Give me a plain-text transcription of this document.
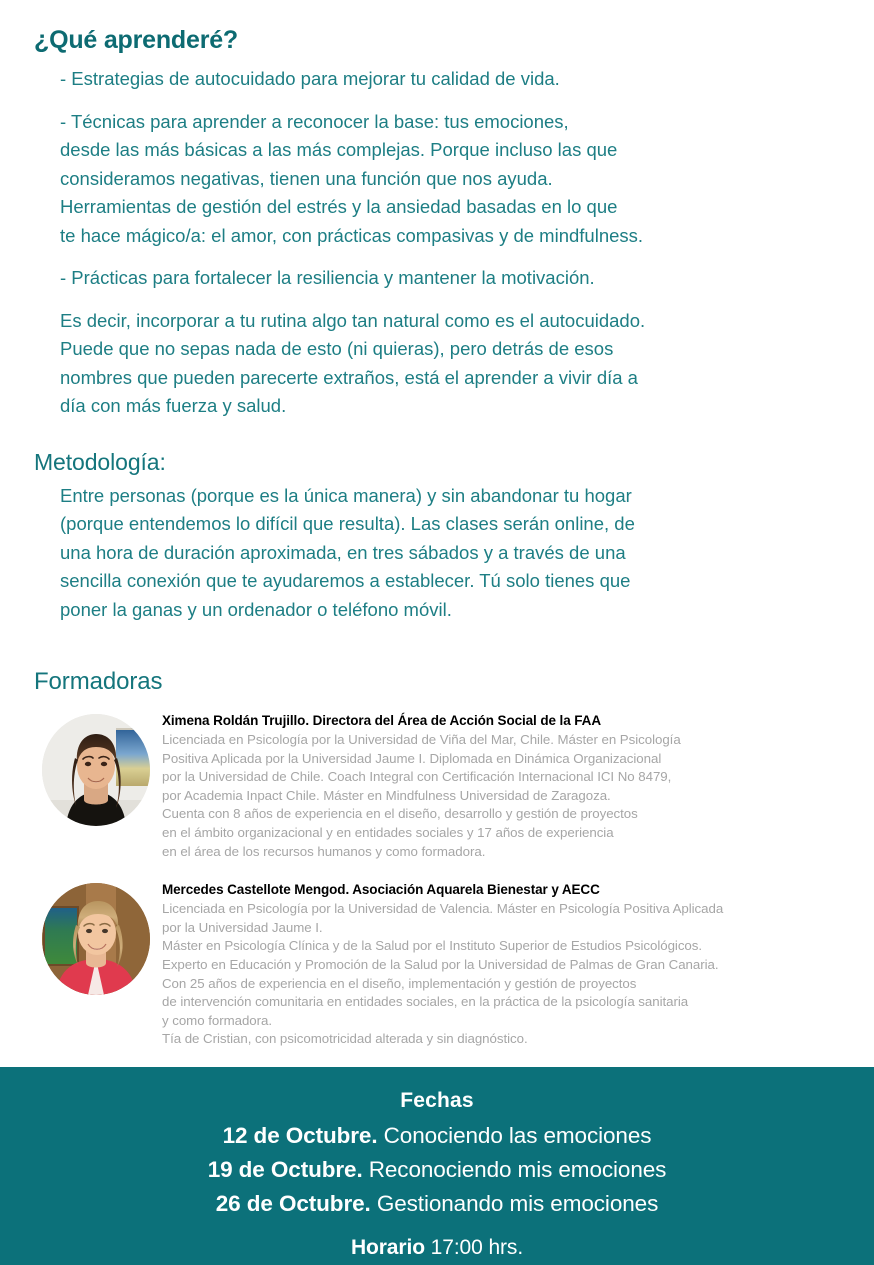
¿Qué aprenderé?

- Estrategias de autocuidado para mejorar tu calidad de vida.

- Técnicas para aprender a reconocer la base: tus emociones,
desde las más básicas a las más complejas. Porque incluso las que
consideramos negativas, tienen una función que nos ayuda.
Herramientas de gestión del estrés y la ansiedad basadas en lo que
te hace mágico/a: el amor, con prácticas compasivas y de mindfulness.

- Prácticas para fortalecer la resiliencia y mantener la motivación.

Es decir, incorporar a tu rutina algo tan natural como es el autocuidado.
Puede que no sepas nada de esto (ni quieras), pero detrás de esos
nombres que pueden parecerte extraños, está el aprender a vivir día a
día con más fuerza y salud.

Metodología:

Entre personas (porque es la única manera) y sin abandonar tu hogar
(porque entendemos lo difícil que resulta). Las clases serán online, de
una hora de duración aproximada, en tres sábados y a través de una
sencilla conexión que te ayudaremos a establecer. Tú solo tienes que
poner la ganas y un ordenador o teléfono móvil.

Formadoras

Ximena Roldán Trujillo. Directora del Área de Acción Social de la FAA

Licenciada en Psicología por la Universidad de Viña del Mar, Chile. Máster en Psicología
Positiva Aplicada por la Universidad Jaume I. Diplomada en Dinámica Organizacional
por la Universidad de Chile. Coach Integral con Certificación Internacional ICI No 8479,
por Academia Inpact Chile. Máster en Mindfulness Universidad de Zaragoza.
Cuenta con 8 años de experiencia en el diseño, desarrollo y gestión de proyectos
en el ámbito organizacional y en entidades sociales y 17 años de experiencia
en el área de los recursos humanos y como formadora.

Mercedes Castellote Mengod. Asociación Aquarela Bienestar y AECC

Licenciada en Psicología por la Universidad de Valencia. Máster en Psicología Positiva Aplicada
por la Universidad Jaume I.
Máster en Psicología Clínica y de la Salud por el Instituto Superior de Estudios Psicológicos.
Experto en Educación y Promoción de la Salud por la Universidad de Palmas de Gran Canaria.
Con 25 años de experiencia en el diseño, implementación y gestión de proyectos
de intervención comunitaria en entidades sociales, en la práctica de la psicología sanitaria
y como formadora.
Tía de Cristian, con psicomotricidad alterada y sin diagnóstico.

Fechas
12 de Octubre. Conociendo las emociones
19 de Octubre. Reconociendo mis emociones
26 de Octubre. Gestionando mis emociones
Horario 17:00 hrs.
